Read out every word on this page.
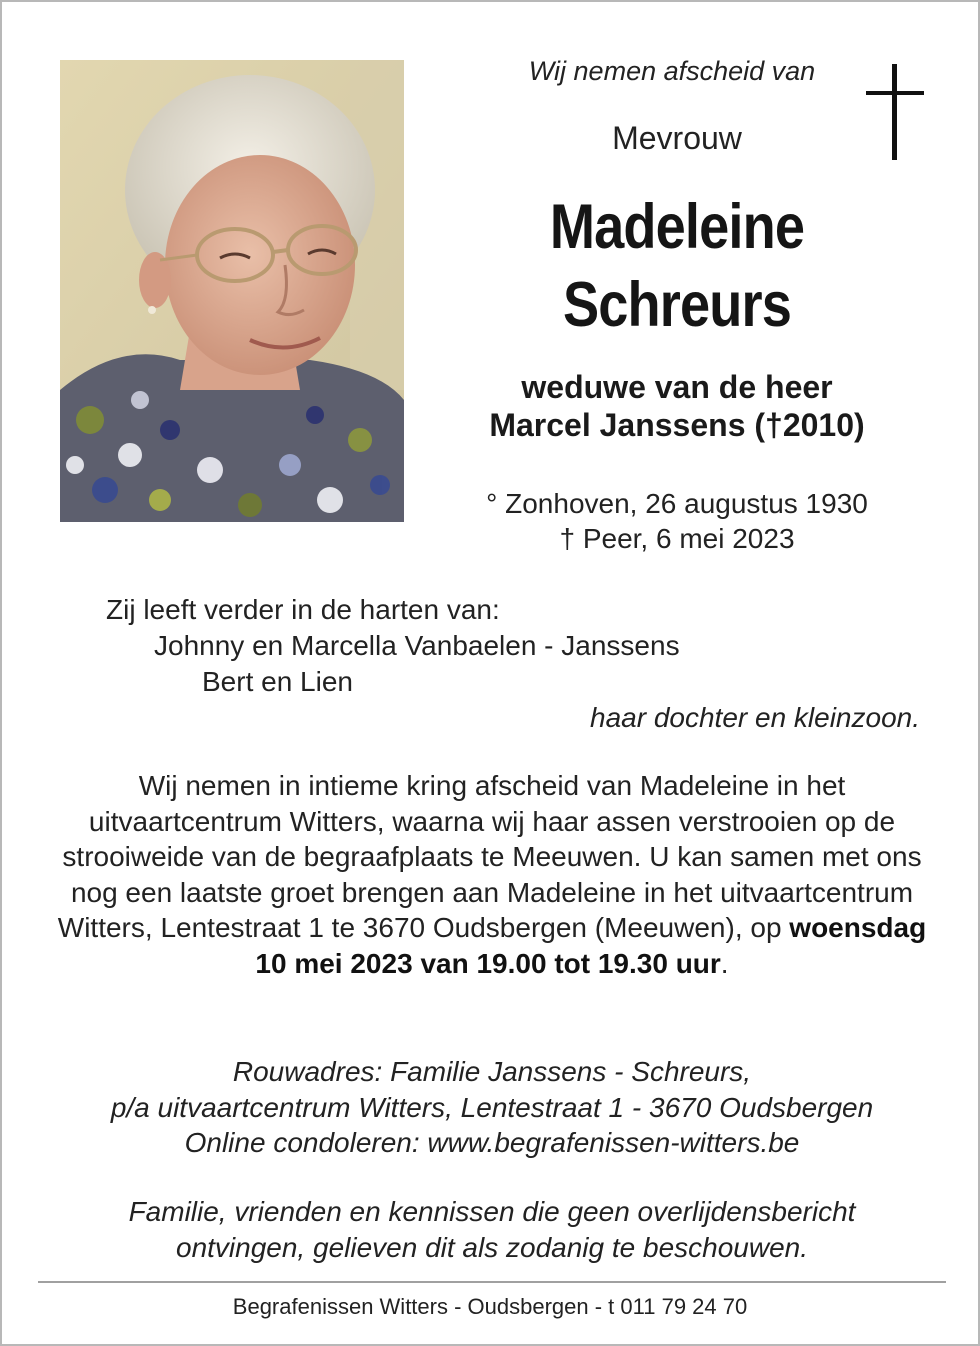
Wij nemen afscheid van
Mevrouw
Madeleine
Schreurs
weduwe van de heer
Marcel Janssens (†2010)
° Zonhoven, 26 augustus 1930
† Peer, 6 mei 2023
Zij leeft verder in de harten van:
Johnny en Marcella Vanbaelen - Janssens
Bert en Lien
haar dochter en kleinzoon.
Wij nemen in intieme kring afscheid van Madeleine in het uitvaartcentrum Witters, waarna wij haar assen verstrooien op de strooiweide van de begraafplaats te Meeuwen. U kan samen met ons nog een laatste groet brengen aan Madeleine in het uitvaartcentrum Witters, Lentestraat 1 te 3670 Oudsbergen (Meeuwen), op woensdag 10 mei 2023 van 19.00 tot 19.30 uur.
Rouwadres: Familie Janssens - Schreurs,
p/a uitvaartcentrum Witters, Lentestraat 1 - 3670 Oudsbergen
Online condoleren: www.begrafenissen-witters.be
Familie, vrienden en kennissen die geen overlijdensbericht
ontvingen, gelieven dit als zodanig te beschouwen.
Begrafenissen Witters - Oudsbergen - t 011 79 24 70
